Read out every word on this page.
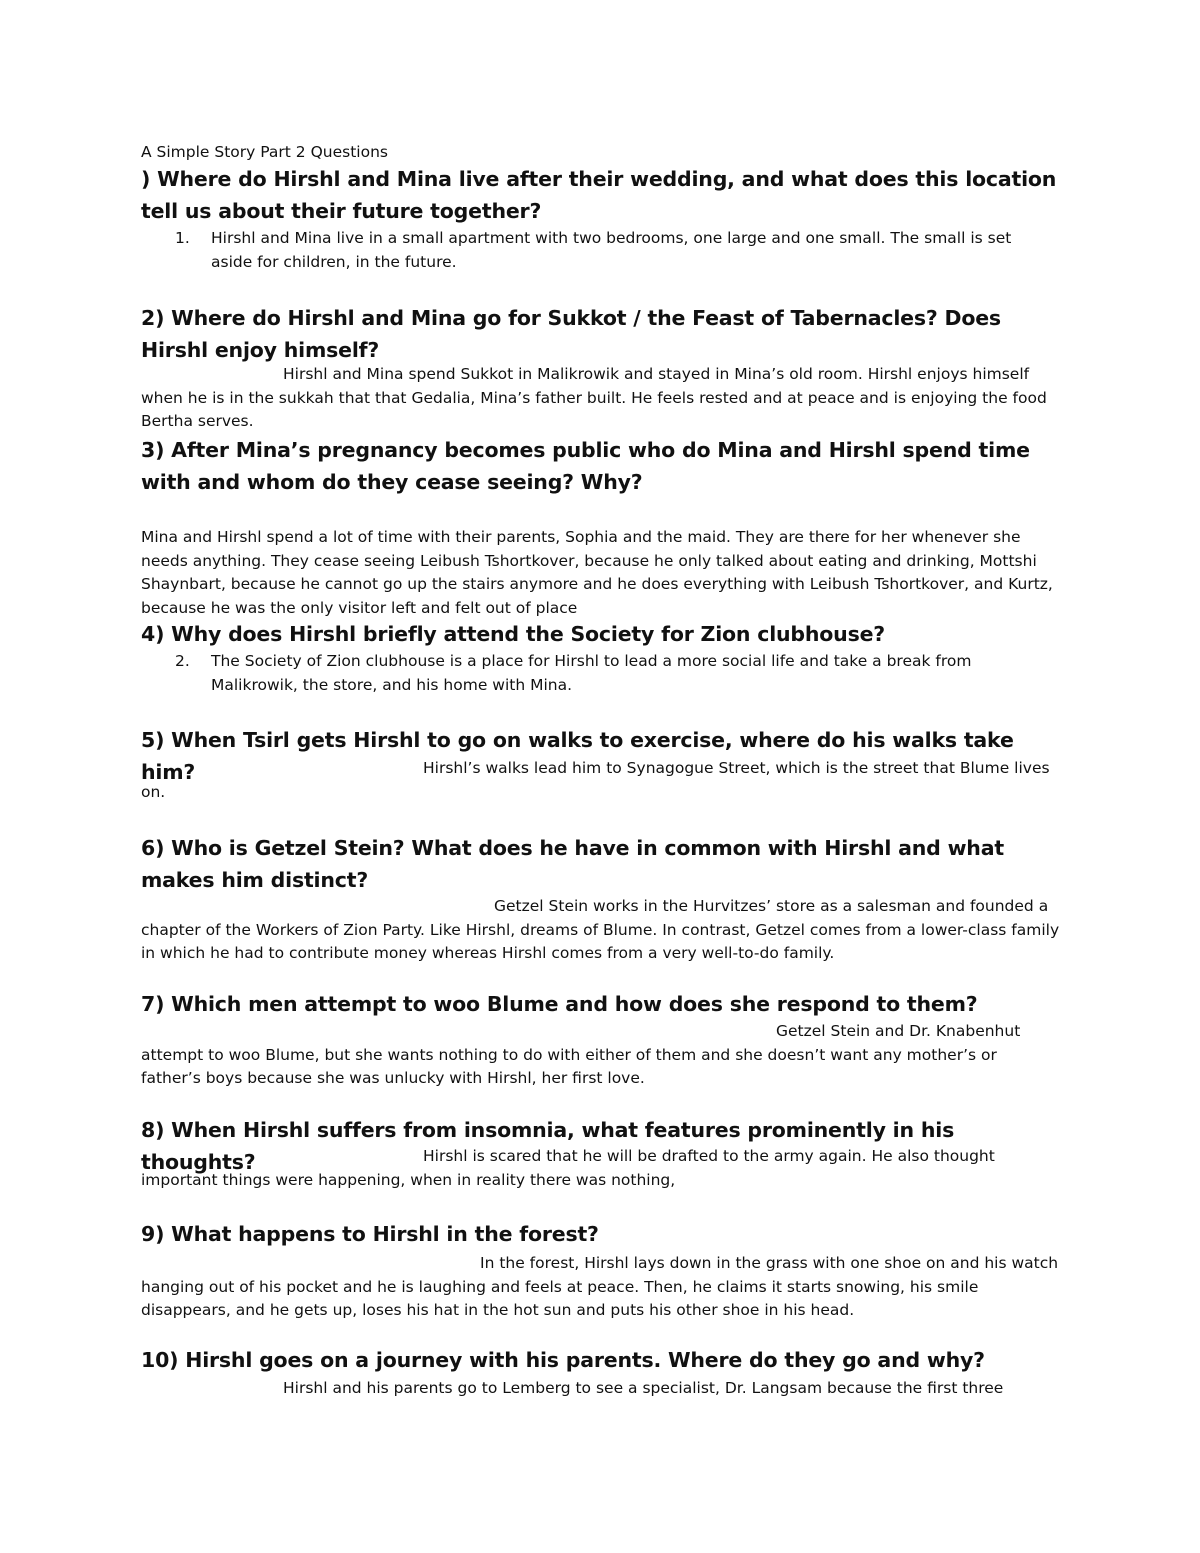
A Simple Story Part 2 Questions
) Where do Hirshl and Mina live after their wedding, and what does this location tell us about their future together?
1.	Hirshl and Mina live in a small apartment with two bedrooms, one large and one small. The small is set aside for children, in the future.
2) Where do Hirshl and Mina go for Sukkot / the Feast of Tabernacles? Does Hirshl enjoy himself?
Hirshl and Mina spend Sukkot in Malikrowik and stayed in Mina’s old room. Hirshl enjoys himself when he is in the sukkah that that Gedalia, Mina’s father built. He feels rested and at peace and is enjoying the food Bertha serves.
3) After Mina’s pregnancy becomes public who do Mina and Hirshl spend time with and whom do they cease seeing? Why?
Mina and Hirshl spend a lot of time with their parents, Sophia and the maid. They are there for her whenever she needs anything. They cease seeing Leibush Tshortkover, because he only talked about eating and drinking, Mottshi Shaynbart, because he cannot go up the stairs anymore and he does everything with Leibush Tshortkover, and Kurtz, because he was the only visitor left and felt out of place
4) Why does Hirshl briefly attend the Society for Zion clubhouse?
2.	The Society of Zion clubhouse is a place for Hirshl to lead a more social life and take a break from Malikrowik, the store, and his home with Mina.
5) When Tsirl gets Hirshl to go on walks to exercise, where do his walks take him?	Hirshl’s walks lead him to Synagogue Street, which is the street that Blume lives on.
6) Who is Getzel Stein? What does he have in common with Hirshl and what makes him distinct?
Getzel Stein works in the Hurvitzes’ store as a salesman and founded a chapter of the Workers of Zion Party. Like Hirshl, dreams of Blume. In contrast, Getzel comes from a lower-class family in which he had to contribute money whereas Hirshl comes from a very well-to-do family.
7) Which men attempt to woo Blume and how does she respond to them?
Getzel Stein and Dr. Knabenhut attempt to woo Blume, but she wants nothing to do with either of them and she doesn’t want any mother’s or father’s boys because she was unlucky with Hirshl, her first love.
8) When Hirshl suffers from insomnia, what features prominently in his thoughts?	Hirshl is scared that he will be drafted to the army again. He also thought important things were happening, when in reality there was nothing,
9) What happens to Hirshl in the forest?
In the forest, Hirshl lays down in the grass with one shoe on and his watch hanging out of his pocket and he is laughing and feels at peace. Then, he claims it starts snowing, his smile disappears, and he gets up, loses his hat in the hot sun and puts his other shoe in his head.
10) Hirshl goes on a journey with his parents. Where do they go and why?
Hirshl and his parents go to Lemberg to see a specialist, Dr. Langsam because the first three
